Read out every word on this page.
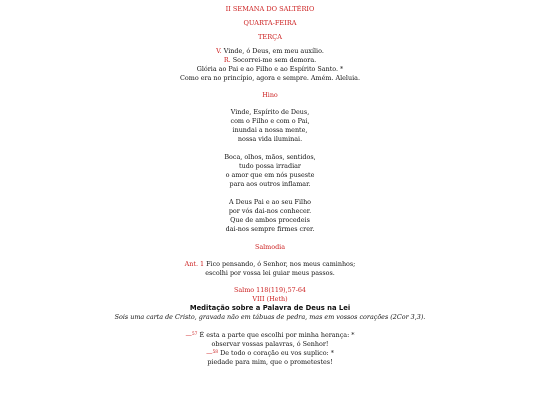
II SEMANA DO SALTÉRIO
QUARTA-FEIRA
TERÇA
V. Vinde, ó Deus, em meu auxílio.
R. Socorrei-me sem demora.
Glória ao Pai e ao Filho e ao Espírito Santo. *
Como era no princípio, agora e sempre. Amém. Aleluia.
Hino
Vinde, Espírito de Deus,
com o Filho e com o Pai,
inundai a nossa mente,
nossa vida iluminai.
Boca, olhos, mãos, sentidos,
tudo possa irradiar
o amor que em nós puseste
para aos outros inflamar.
A Deus Pai e ao seu Filho
por vós dai-nos conhecer.
Que de ambos procedeis
dai-nos sempre firmes crer.
Salmodia
Ant. 1 Fico pensando, ó Senhor, nos meus caminhos;
escolhi por vossa lei guiar meus passos.
Salmo 118(119),57-64
VIII (Heth)
Meditação sobre a Palavra de Deus na Lei
Sois uma carta de Cristo, gravada não em tábuas de pedra, mas em vossos corações (2Cor 3,3).
—$^{57}$ É esta a parte que escolhi por minha herança: *
observar vossas palavras, ó Senhor!
—$^{58}$ De todo o coração eu vos suplico: *
piedade para mim, que o prometestes!
